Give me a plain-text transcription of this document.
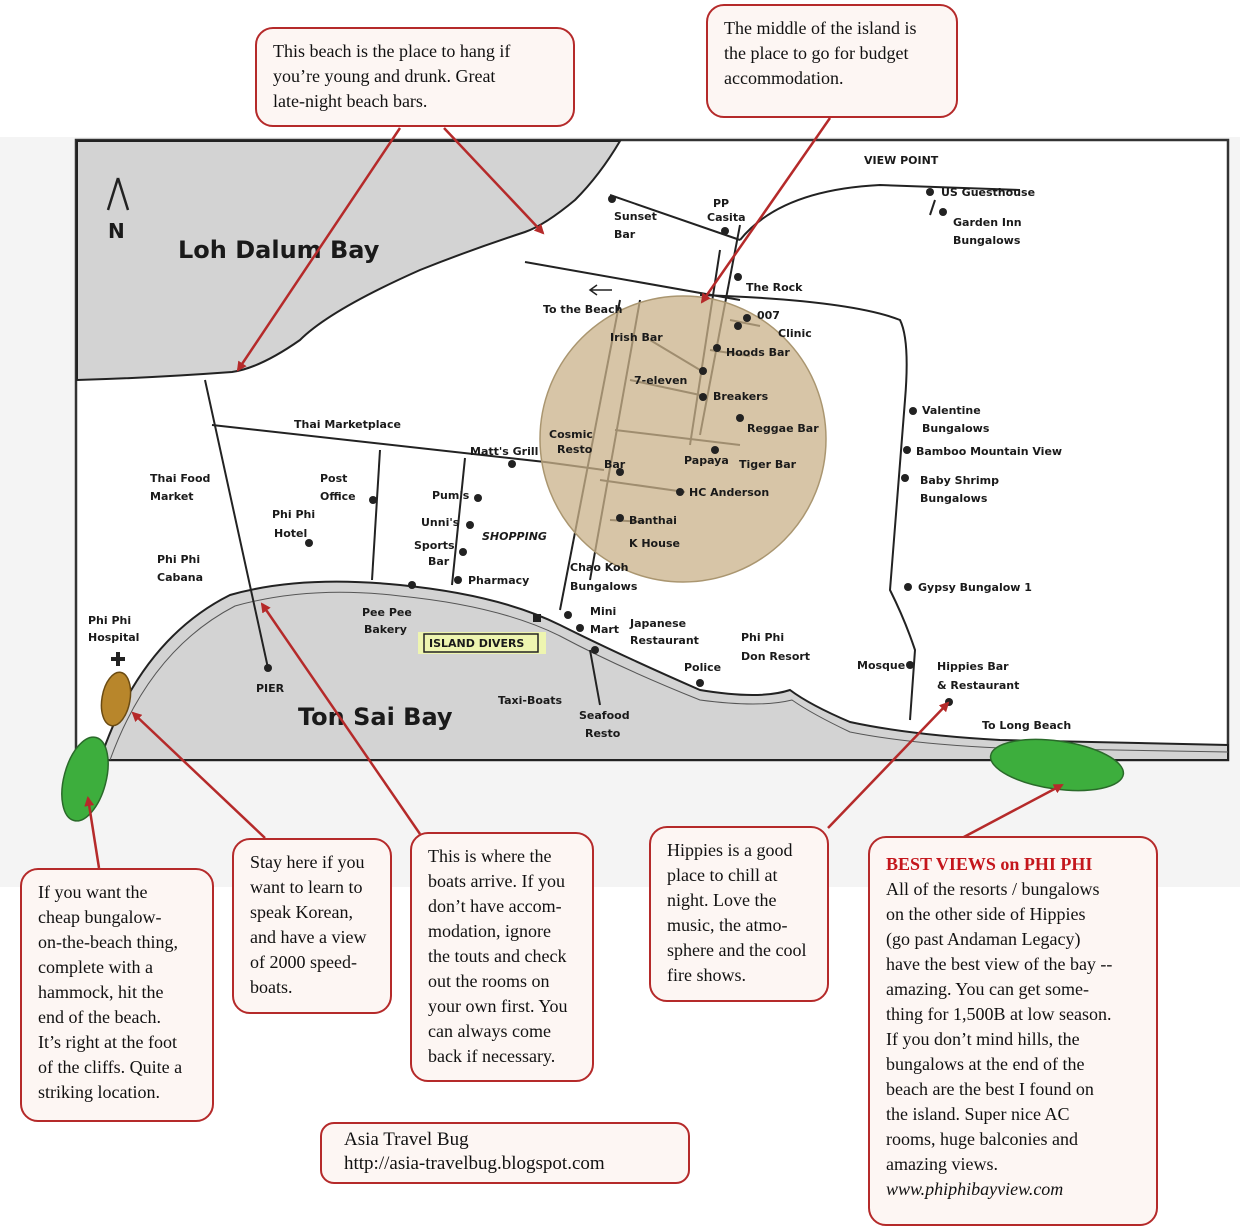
N
Loh Dalum Bay
Ton Sai Bay
VIEW POINT
US Guesthouse
Garden Inn
Bungalows
Sunset
Bar
PP
Casita
The Rock
To the Beach
Irish Bar
007
Clinic
Hoods Bar
7-eleven
Breakers
Reggae Bar
Cosmic
Resto
Papaya Tiger Bar
Bar
HC Anderson
Banthai
K House
Thai Marketplace
Matt's Grill
Thai Food
Market
Post
Office	Pum's
Unni's
Sports
Bar
SHOPPING
Pharmacy
Phi Phi
Hotel
Phi Phi
Cabana
Phi Phi
Hospital
Chao Koh
Bungalows
Pee Pee
Bakery
ISLAND DIVERS
Mini
Mart Japanese
Restaurant	Phi Phi
Don Resort
Police
PIER
Taxi-Boats
Seafood
Resto
Mosque	Hippies Bar
& Restaurant
To Long Beach
Valentine
Bungalows
Bamboo Mountain View
Baby Shrimp
Bungalows
Gypsy Bungalow 1
This beach is the place to hang if
you’re young and drunk. Great
late-night beach bars.
The middle of the island is
the place to go for budget
accommodation.
If you want the
cheap bungalow-
on-the-beach thing,
complete with a
hammock, hit the
end of the beach.
It’s right at the foot
of the cliffs. Quite a
striking location.
Stay here if you
want to learn to
speak Korean,
and have a view
of 2000 speed-
boats.
This is where the
boats arrive. If you
don’t have accom-
modation, ignore
the touts and check
out the rooms on
your own first. You
can always come
back if necessary.
Hippies is a good
place to chill at
night. Love the
music, the atmo-
sphere and the cool
fire shows.
BEST VIEWS on PHI PHI
All of the resorts / bungalows
on the other side of Hippies
(go past Andaman Legacy)
have the best view of the bay --
amazing. You can get some-
thing for 1,500B at low season.
If you don’t mind hills, the
bungalows at the end of the
beach are the best I found on
the island. Super nice AC
rooms, huge balconies and
amazing views.
www.phiphibayview.com
Asia Travel Bug
http://asia-travelbug.blogspot.com
